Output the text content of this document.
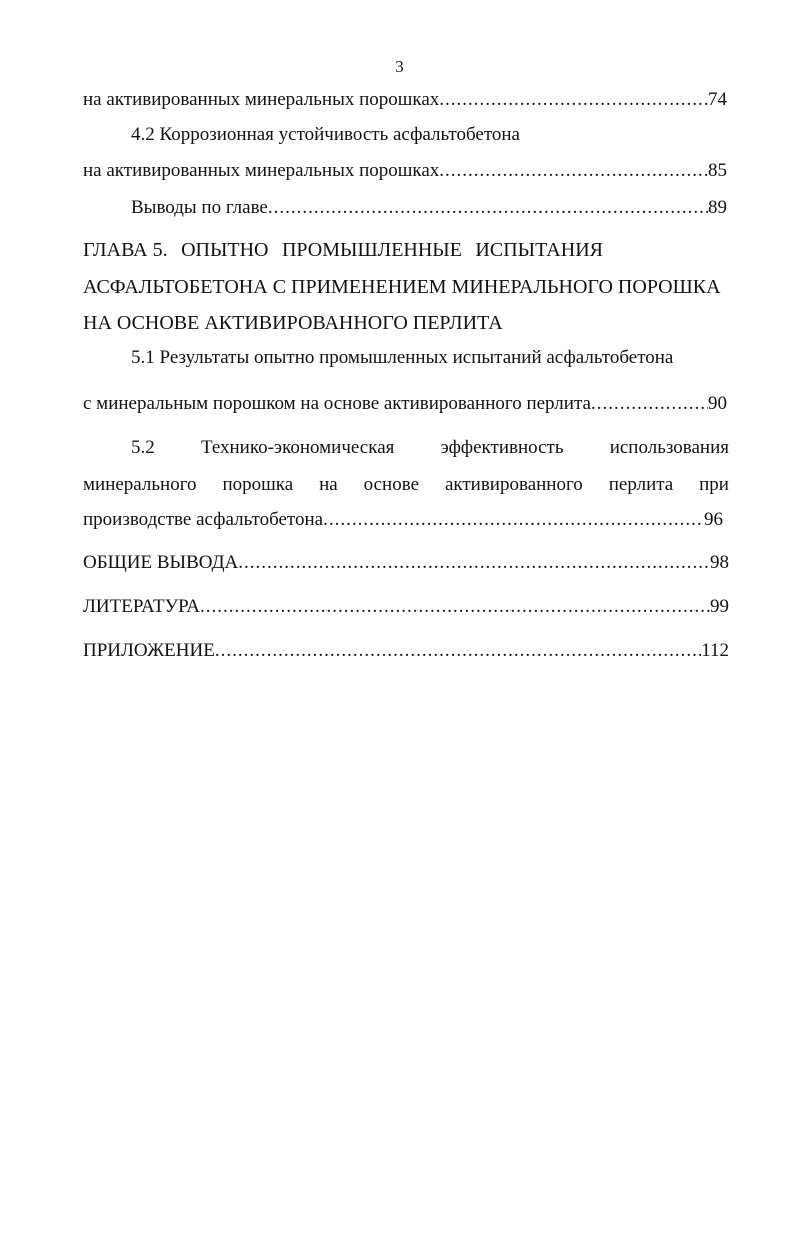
3
на активированных минеральных порошках .....	74
4.2 Коррозионная устойчивость асфальтобетона
на активированных минеральных порошках .....	85
Выводы по главе .....	89
ГЛАВА 5. ОПЫТНО ПРОМЫШЛЕННЫЕ ИСПЫТАНИЯ
АСФАЛЬТОБЕТОНА С ПРИМЕНЕНИЕМ МИНЕРАЛЬНОГО ПОРОШКА
НА ОСНОВЕ АКТИВИРОВАННОГО ПЕРЛИТА
5.1 Результаты опытно промышленных испытаний асфальтобетона
с минеральным порошком на основе активированного перлита .....	90
5.2 Технико-экономическая эффективность использования
минерального порошка на основе активированного перлита при
производстве асфальтобетона .....	96
ОБЩИЕ ВЫВОДА .....	98
ЛИТЕРАТУРА .....	99
ПРИЛОЖЕНИЕ .....	112
